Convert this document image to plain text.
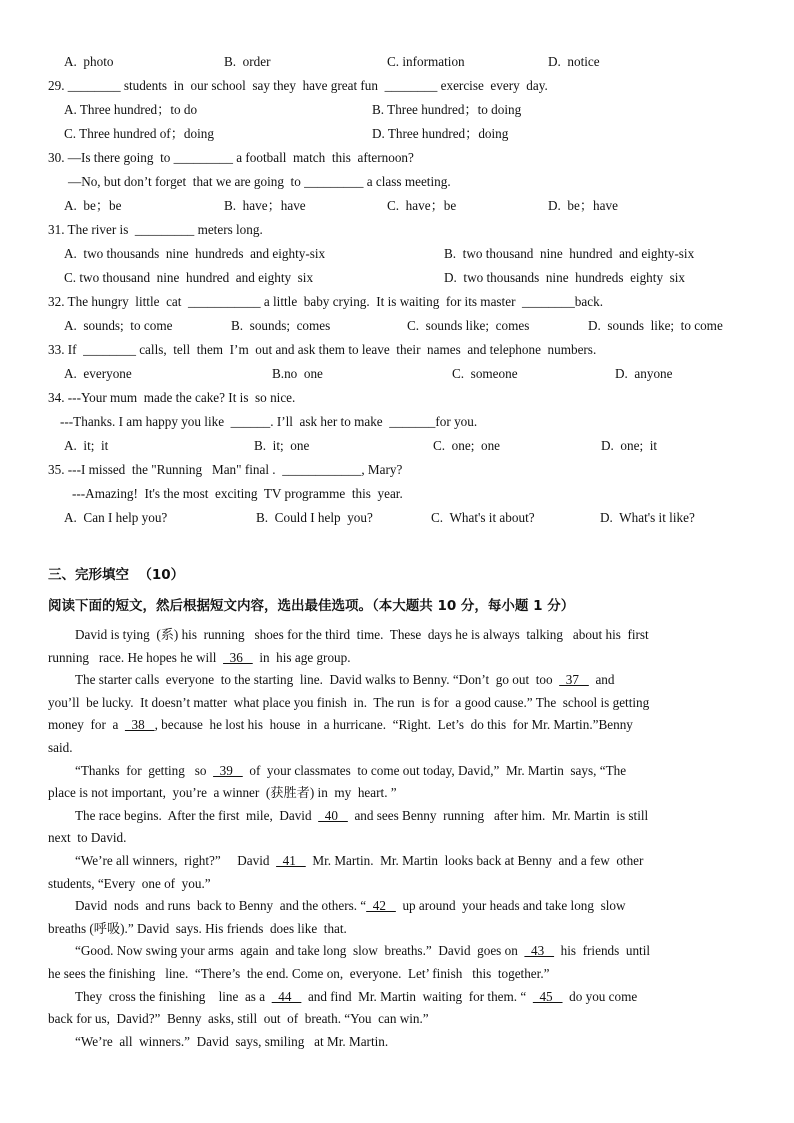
A.  photo	B.  order	C. information	D.  notice
29. ________ students  in  our school  say they  have great fun  ________ exercise  every  day.
A. Three hundred；to do	B. Three hundred；to doing
C. Three hundred of；doing	D. Three hundred；doing
30. —Is there going  to _________ a football  match  this  afternoon?
—No, but don’t forget  that we are going  to _________ a class meeting.
A.  be；be	B.  have；have	C.  have；be	D.  be；have
31. The river is  _________ meters long.
A.  two thousands  nine  hundreds  and eighty-six	B.  two thousand  nine  hundred  and eighty-six
C. two thousand  nine  hundred  and eighty  six	D.  two thousands  nine  hundreds  eighty  six
32. The hungry  little  cat  ___________ a little  baby crying.  It is waiting  for its master  ________back.
A.  sounds;  to come	B.  sounds;  comes	C.  sounds like;  comes	D.  sounds  like;  to come
33. If  ________ calls,  tell  them  I’m  out and ask them to leave  their  names  and telephone  numbers.
A.  everyone	B.no  one	C.  someone	D.  anyone
34. ---Your mum  made the cake? It is  so nice.
---Thanks. I am happy you like  ______. I’ll  ask her to make  _______for you.
A.  it;  it	B.  it;  one	C.  one;  one	D.  one;  it
35. ---I missed  the "Running   Man" final .  ____________, Mary?
---Amazing!  It's the most  exciting  TV programme  this  year.
A.  Can I help you?	B.  Could I help  you?	C.  What's it about?	D.  What's it like?
三、完形填空  （10）
阅读下面的短文，然后根据短文内容，选出最佳选项。（本大题共 10 分，每小题 1 分）
David is tying  (系) his  running   shoes for the third  time.  These  days he is always  talking   about his  first
running   race. He hopes he will    36     in  his age group.
The starter calls  everyone  to the starting  line.  David walks to Benny. “Don’t  go out  too    37     and
you’ll  be lucky.  It doesn’t matter  what place you finish  in.  The run  is for  a good cause.” The  school is getting
money  for  a    38   , because  he lost his  house  in  a hurricane.  “Right.  Let’s  do this  for Mr. Martin.”Benny
said.
“Thanks  for  getting   so    39     of  your classmates  to come out today, David,”  Mr. Martin  says, “The
place is not important,  you’re  a winner  (获胜者) in  my  heart. ”
The race begins.  After the first  mile,  David    40     and sees Benny  running   after him.  Mr. Martin  is still
next  to David.
“We’re all winners,  right?”     David    41     Mr. Martin.  Mr. Martin  looks back at Benny  and a few  other
students, “Every  one of  you.”
David  nods  and runs  back to Benny  and the others. “  42     up around  your heads and take long  slow
breaths (呼吸).” David  says. His friends  does like  that.
“Good. Now swing your arms  again  and take long  slow  breaths.”  David  goes on    43     his  friends  until
he sees the finishing   line.  “There’s  the end. Come on,  everyone.  Let’ finish   this  together.”
They  cross the finishing    line  as a    44     and find  Mr. Martin  waiting  for them. “    45     do you come
back for us,  David?”  Benny  asks, still  out  of  breath. “You  can win.”
“We’re  all  winners.”  David  says, smiling   at Mr. Martin.
